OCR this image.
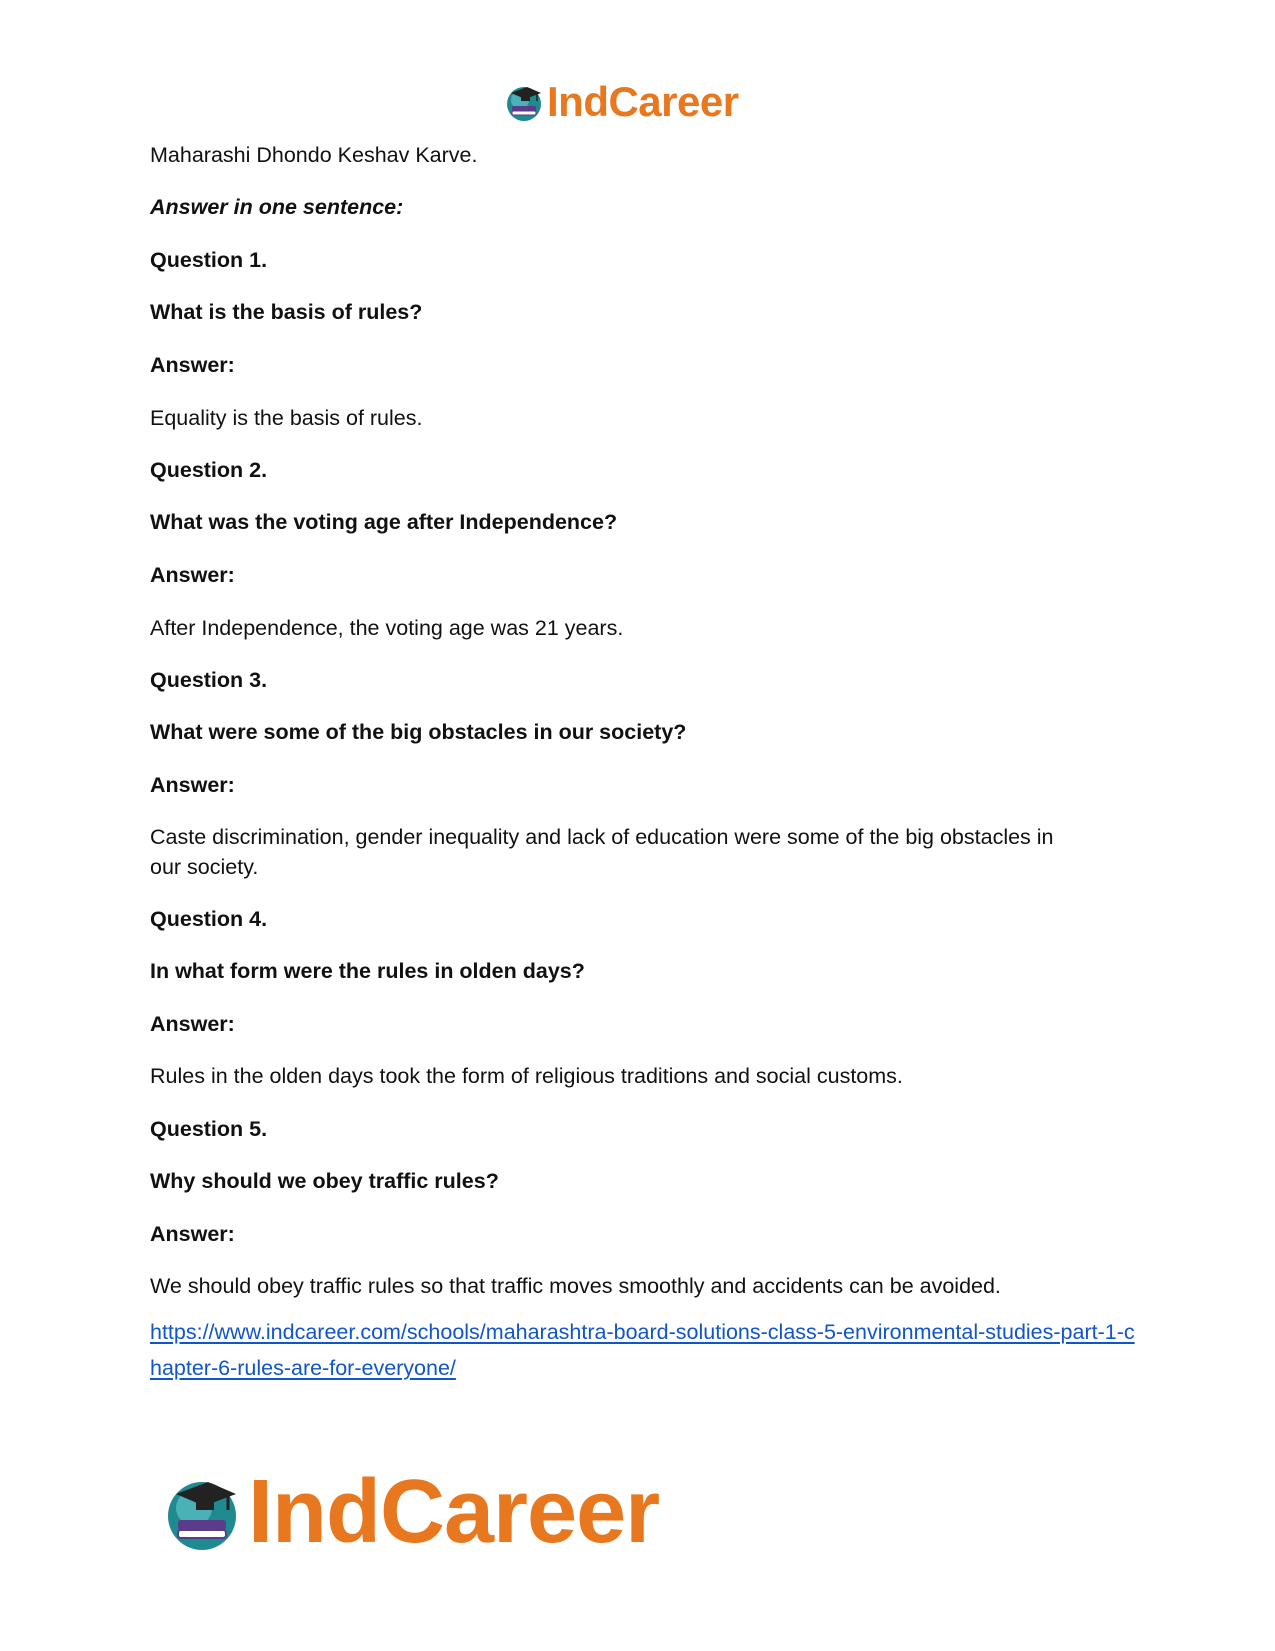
IndCareer
Maharashi Dhondo Keshav Karve.
Answer in one sentence:
Question 1.
What is the basis of rules?
Answer:
Equality is the basis of rules.
Question 2.
What was the voting age after Independence?
Answer:
After Independence, the voting age was 21 years.
Question 3.
What were some of the big obstacles in our society?
Answer:
Caste discrimination, gender inequality and lack of education were some of the big obstacles in our society.
Question 4.
In what form were the rules in olden days?
Answer:
Rules in the olden days took the form of religious traditions and social customs.
Question 5.
Why should we obey traffic rules?
Answer:
We should obey traffic rules so that traffic moves smoothly and accidents can be avoided.
https://www.indcareer.com/schools/maharashtra-board-solutions-class-5-environmental-studies-part-1-chapter-6-rules-are-for-everyone/
IndCareer
